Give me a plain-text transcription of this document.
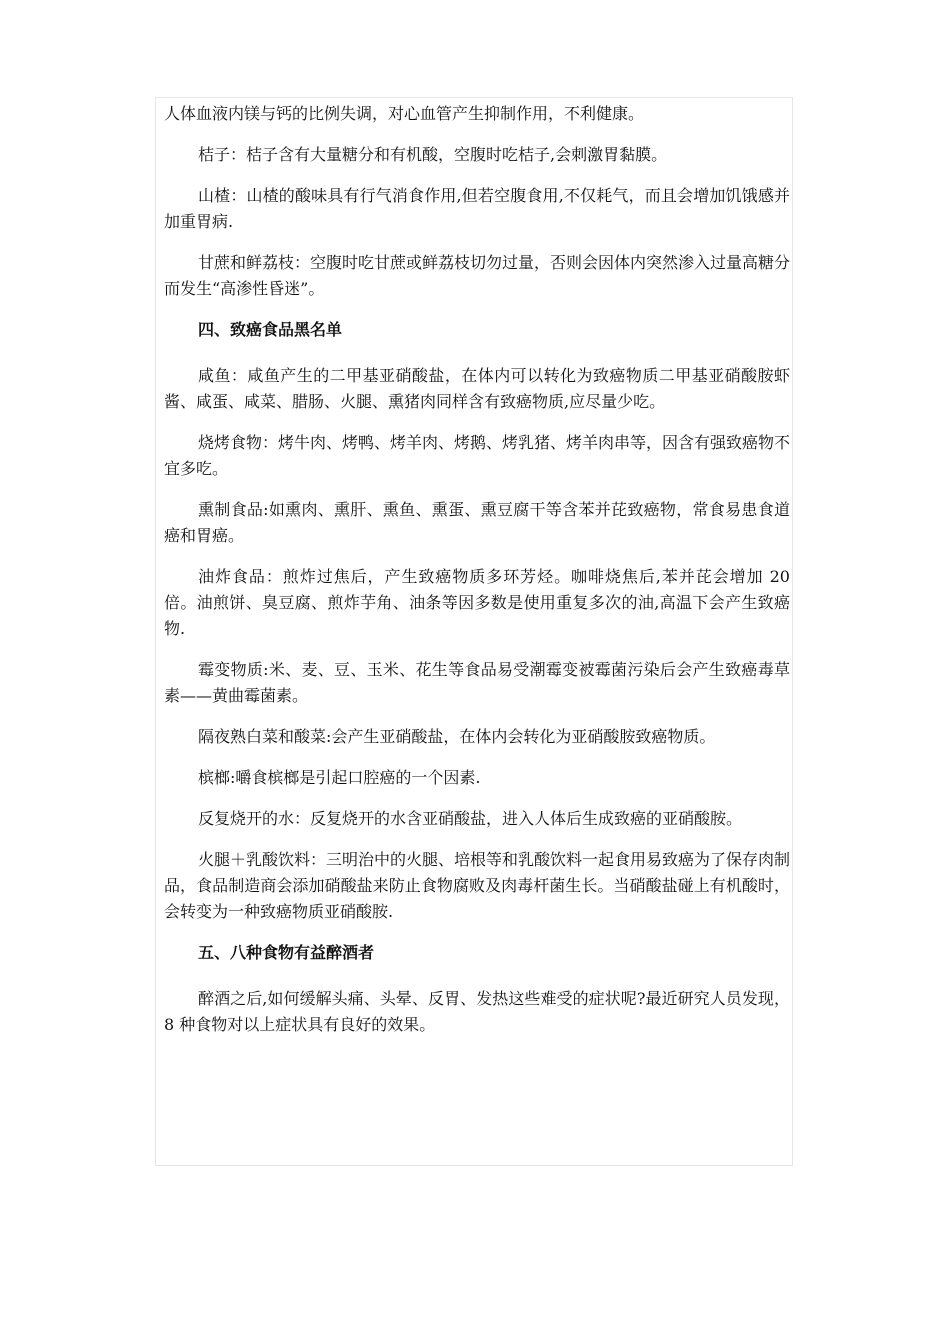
人体血液内镁与钙的比例失调，对心血管产生抑制作用，不利健康。

桔子：桔子含有大量糖分和有机酸，空腹时吃桔子,会刺激胃黏膜。

山楂：山楂的酸味具有行气消食作用,但若空腹食用,不仅耗气，而且会增加饥饿感并加重胃病.

甘蔗和鲜荔枝：空腹时吃甘蔗或鲜荔枝切勿过量，否则会因体内突然渗入过量高糖分而发生“高渗性昏迷”。

四、致癌食品黑名单

咸鱼：咸鱼产生的二甲基亚硝酸盐，在体内可以转化为致癌物质二甲基亚硝酸胺虾酱、咸蛋、咸菜、腊肠、火腿、熏猪肉同样含有致癌物质,应尽量少吃。

烧烤食物：烤牛肉、烤鸭、烤羊肉、烤鹅、烤乳猪、烤羊肉串等，因含有强致癌物不宜多吃。

熏制食品:如熏肉、熏肝、熏鱼、熏蛋、熏豆腐干等含苯并芘致癌物，常食易患食道癌和胃癌。

油炸食品：煎炸过焦后，产生致癌物质多环芳烃。咖啡烧焦后,苯并芘会增加 20 倍。油煎饼、臭豆腐、煎炸芋角、油条等因多数是使用重复多次的油,高温下会产生致癌物.

霉变物质:米、麦、豆、玉米、花生等食品易受潮霉变被霉菌污染后会产生致癌毒草素——黄曲霉菌素。

隔夜熟白菜和酸菜:会产生亚硝酸盐，在体内会转化为亚硝酸胺致癌物质。

槟榔:嚼食槟榔是引起口腔癌的一个因素.

反复烧开的水：反复烧开的水含亚硝酸盐，进入人体后生成致癌的亚硝酸胺。

火腿＋乳酸饮料：三明治中的火腿、培根等和乳酸饮料一起食用易致癌为了保存肉制品，食品制造商会添加硝酸盐来防止食物腐败及肉毒杆菌生长。当硝酸盐碰上有机酸时，会转变为一种致癌物质亚硝酸胺.

五、八种食物有益醉酒者

醉酒之后,如何缓解头痛、头晕、反胃、发热这些难受的症状呢?最近研究人员发现，8 种食物对以上症状具有良好的效果。
